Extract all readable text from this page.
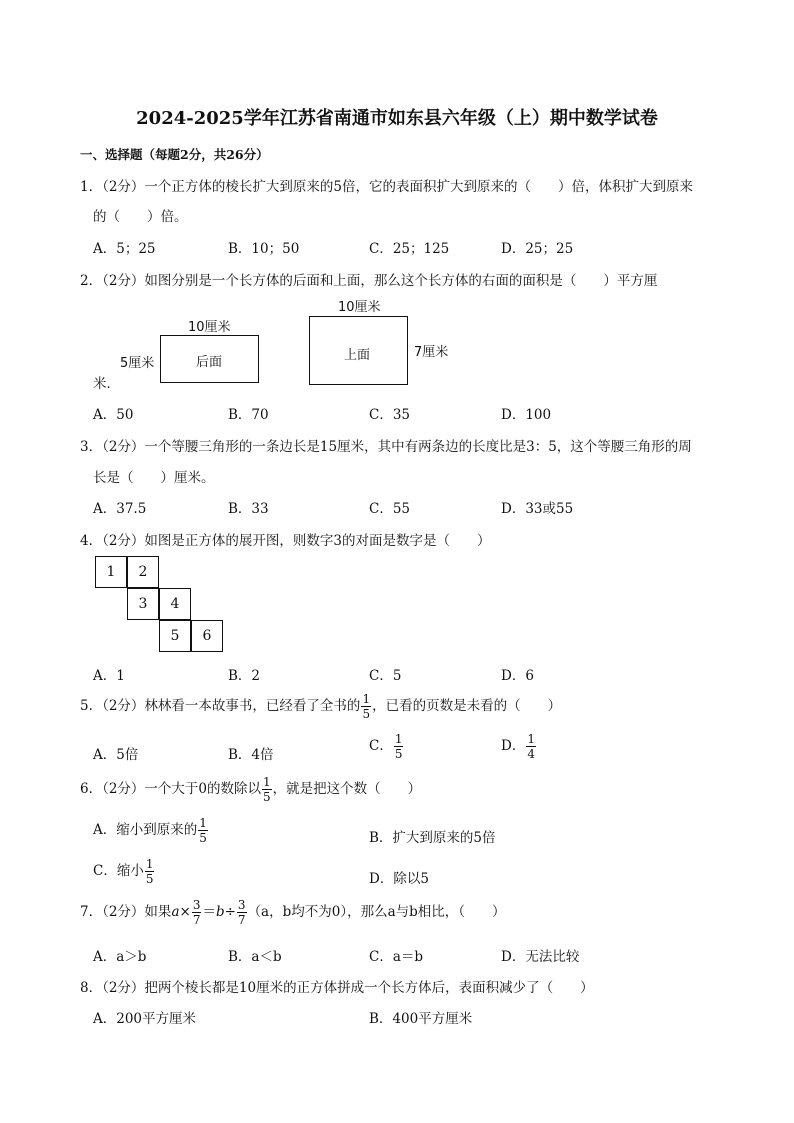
2024-2025学年江苏省南通市如东县六年级（上）期中数学试卷
一、选择题（每题2分，共26分）
1．（2分）一个正方体的棱长扩大到原来的5倍，它的表面积扩大到原来的（　　）倍，体积扩大到原来
的（　　）倍。
A．5；25	B．10；50	C．25；125	D．25；25
2．（2分）如图分别是一个长方体的后面和上面，那么这个长方体的右面的面积是（　　）平方厘
10厘米
5厘米	后面
10厘米
上面	7厘米
米．
A．50	B．70	C．35	D．100
3．（2分）一个等腰三角形的一条边长是15厘米，其中有两条边的长度比是3：5，这个等腰三角形的周
长是（　　）厘米。
A．37.5	B．33	C．55	D．33或55
4．（2分）如图是正方体的展开图，则数字3的对面是数字是（　　）
1	2
3	4
5	6
A．1	B．2	C．5	D．6
5．（2分）林林看一本故事书，已经看了全书的 $\frac{1}{5}$ ，已看的页数是未看的（　　）
A．5倍	B．4倍
C． $\frac{1}{5}$	D． $\frac{1}{4}$
6．（2分）一个大于0的数除以 $\frac{1}{5}$ ，就是把这个数（　　）
A．缩小到原来的 $\frac{1}{5}$	B．扩大到原来的5倍
C．缩小 $\frac{1}{5}$	D．除以5
7．（2分）如果$a\times \frac{3}{7} =b\div \frac{3}{7} (a$，b均不为0），那么a与b相比，（　　）
A．a＞b	B．a＜b	C．a＝b	D．无法比较
8．（2分）把两个棱长都是10厘米的正方体拼成一个长方体后，表面积减少了（　　）
A．200平方厘米	B．400平方厘米
